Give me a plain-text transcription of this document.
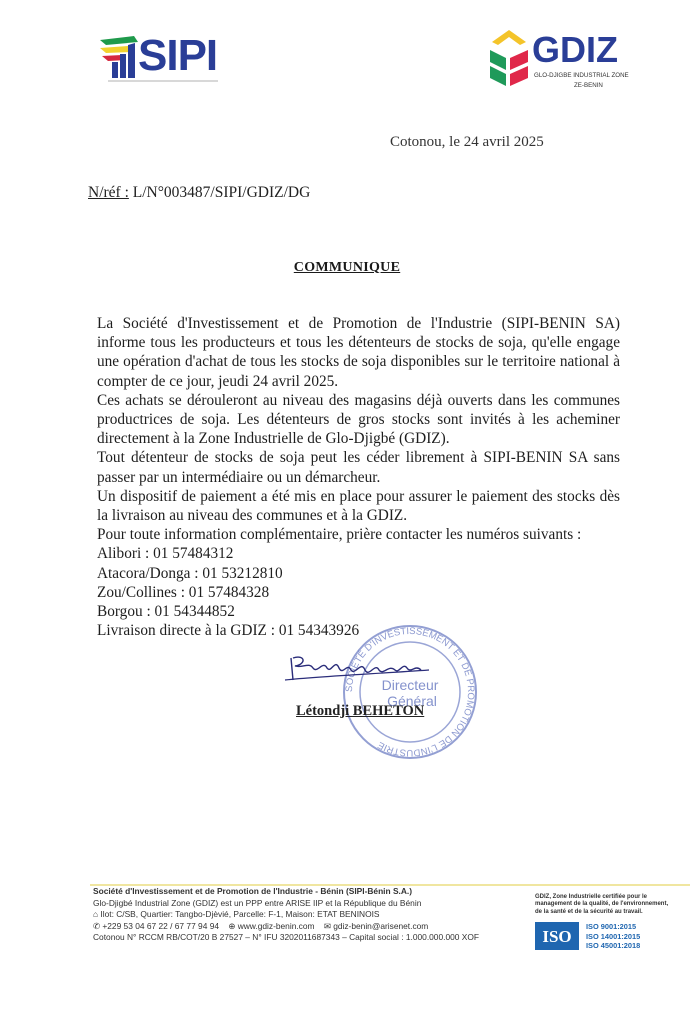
SIPI	GDIZ
GLO-DJIGBE INDUSTRIAL ZONE
ZE-BENIN
Cotonou, le 24 avril 2025
N/réf : L/N°003487/SIPI/GDIZ/DG
COMMUNIQUE

La Société d'Investissement et de Promotion de l'Industrie (SIPI-BENIN SA) informe tous les producteurs et tous les détenteurs de stocks de soja, qu'elle engage une opération d'achat de tous les stocks de soja disponibles sur le territoire national à compter de ce jour, jeudi 24 avril 2025.

Ces achats se dérouleront au niveau des magasins déjà ouverts dans les communes productrices de soja. Les détenteurs de gros stocks sont invités à les acheminer directement à la Zone Industrielle de Glo-Djigbé (GDIZ).

Tout détenteur de stocks de soja peut les céder librement à SIPI-BENIN SA sans passer par un intermédiaire ou un démarcheur.

Un dispositif de paiement a été mis en place pour assurer le paiement des stocks dès la livraison au niveau des communes et à la GDIZ.

Pour toute information complémentaire, prière contacter les numéros suivants :

Alibori : 01 57484312
Atacora/Donga : 01 53212810
Zou/Collines : 01 57484328
Borgou : 01 54344852
Livraison directe à la GDIZ : 01 54343926
SOCIÉTÉ D'INVESTISSEMENT ET DE PROMOTION DE L'INDUSTRIE
Directeur
Général
Létondji BEHETON
Société d'Investissement et de Promotion de l'Industrie - Bénin (SIPI-Bénin S.A.)
Glo-Djigbé Industrial Zone (GDIZ) est un PPP entre ARISE IIP et la République du Bénin
⌂ Ilot: C/SB, Quartier: Tangbo-Djèvié, Parcelle: F-1, Maison: ETAT BENINOIS
✆ +229 53 04 67 22 / 67 77 94 94 ⊕ www.gdiz-benin.com ✉ gdiz-benin@arisenet.com
Cotonou N° RCCM RB/COT/20 B 27527 – N° IFU 3202011687343 – Capital social : 1.000.000.000 XOF
GDIZ, Zone Industrielle certifiée pour le management de la qualité, de l'environnement, de la santé et de la sécurité au travail.
ISO
ISO 9001:2015
ISO 14001:2015
ISO 45001:2018
